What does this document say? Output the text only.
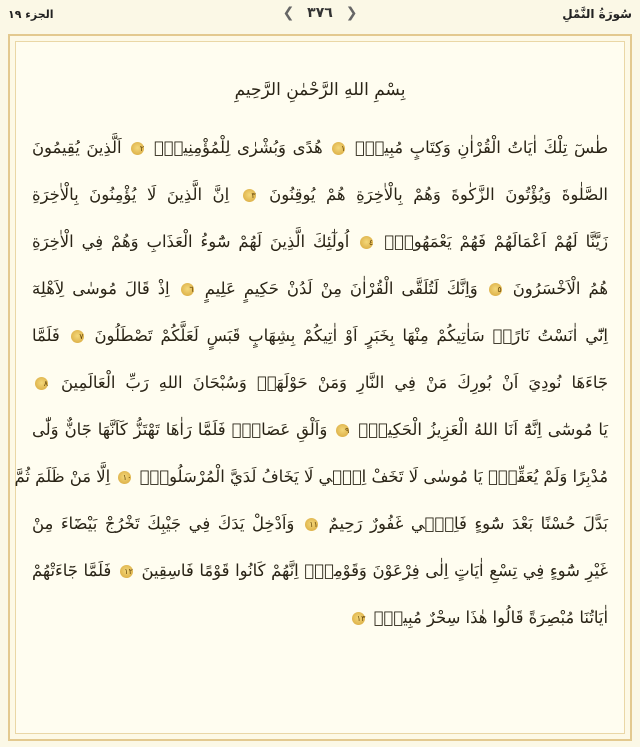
سُورَةُ النَّمْلِ
❮ ٣٧٦ ❯
الجزء ١٩
بِسْمِ اللهِ الرَّحْمٰنِ الرَّحِيمِ
طٰسٓ تِلْكَ اٰيَاتُ الْقُرْاٰنِ وَكِتَابٍ مُبِينٍۙ ١ هُدًى وَبُشْرٰى لِلْمُؤْمِنِينَۙ ٢ اَلَّذِينَ يُقِيمُونَ
الصَّلٰوةَ وَيُؤْتُونَ الزَّكٰوةَ وَهُمْ بِالْاٰخِرَةِ هُمْ يُوقِنُونَ ٣ اِنَّ الَّذِينَ لَا يُؤْمِنُونَ بِالْاٰخِرَةِ
زَيَّنَّا لَهُمْ اَعْمَالَهُمْ فَهُمْ يَعْمَهُونَۜ ٤ اُولٰٓئِكَ الَّذِينَ لَهُمْ سُٓوءُ الْعَذَابِ وَهُمْ فِي الْاٰخِرَةِ
هُمُ الْاَخْسَرُونَ ٥ وَاِنَّكَ لَتُلَقَّى الْقُرْاٰنَ مِنْ لَدُنْ حَكِيمٍ عَلِيمٍ ٦ اِذْ قَالَ مُوسٰى لِاَهْلِهٓ
اِنّٓي اٰنَسْتُ نَارًاۜ سَاٰتِيكُمْ مِنْهَا بِخَبَرٍ اَوْ اٰتِيكُمْ بِشِهَابٍ قَبَسٍ لَعَلَّكُمْ تَصْطَلُونَ ٧ فَلَمَّا
جَٓاءَهَا نُودِيَ اَنْ بُورِكَ مَنْ فِي النَّارِ وَمَنْ حَوْلَهَاۜ وَسُبْحَانَ اللهِ رَبِّ الْعَالَمِينَ ٨
يَا مُوسٰٓى اِنَّهُٓ اَنَا اللهُ الْعَزِيزُ الْحَكِيمُۙ ٩ وَاَلْقِ عَصَاكَۜ فَلَمَّا رَاٰهَا تَهْتَزُّ كَاَنَّهَا جَٓانٌّ وَلّٰى
مُدْبِرًا وَلَمْ يُعَقِّبْۜ يَا مُوسٰى لَا تَخَفْ اِنّٖي لَا يَخَافُ لَدَيَّ الْمُرْسَلُونَۗ ١٠ اِلَّا مَنْ ظَلَمَ ثُمَّ
بَدَّلَ حُسْنًا بَعْدَ سُٓوءٍ فَاِنّٖي غَفُورٌ رَحِيمٌ ١١ وَاَدْخِلْ يَدَكَ فِي جَيْبِكَ تَخْرُجْ بَيْضَٓاءَ مِنْ
غَيْرِ سُٓوءٍ فِي تِسْعِ اٰيَاتٍ اِلٰى فِرْعَوْنَ وَقَوْمِهٖۜ اِنَّهُمْ كَانُوا قَوْمًا فَاسِقِينَ ١٢ فَلَمَّا جَٓاءَتْهُمْ
اٰيَاتُنَا مُبْصِرَةً قَالُوا هٰذَا سِحْرٌ مُبِينٌۚ ١٣
